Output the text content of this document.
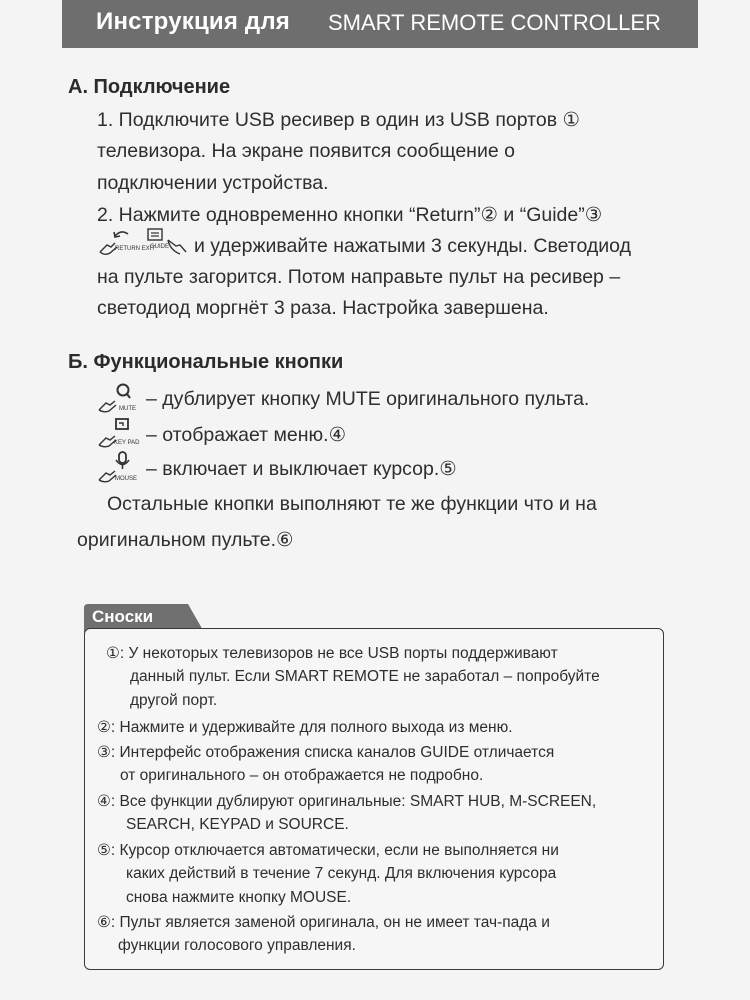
Инструкция для SMART REMOTE CONTROLLER
А. Подключение
1. Подключите USB ресивер в один из USB портов ①
телевизора. На экране появится сообщение о
подключении устройства.
2. Нажмите одновременно кнопки “Return”② и “Guide”③
RETURN EXIT
GUIDE и удерживайте нажатыми 3 секунды. Светодиод
на пульте загорится. Потом направьте пульт на ресивер –
светодиод моргнёт 3 раза. Настройка завершена.
Б. Функциональные кнопки
MUTE – дублирует кнопку MUTE оригинального пульта.
KEY PAD – отображает меню.④
MOUSE – включает и выключает курсор.⑤
Остальные кнопки выполняют те же функции что и на
оригинальном пульте.⑥
Сноски
①: У некоторых телевизоров не все USB порты поддерживают
данный пульт. Если SMART REMOTE не заработал – попробуйте
другой порт.
②: Нажмите и удерживайте для полного выхода из меню.
③: Интерфейс отображения списка каналов GUIDE отличается
от оригинального – он отображается не подробно.
④: Все функции дублируют оригинальные: SMART HUB, M-SCREEN,
SEARCH, KEYPAD и SOURCE.
⑤: Курсор отключается автоматически, если не выполняется ни
каких действий в течение 7 секунд. Для включения курсора
снова нажмите кнопку MOUSE.
⑥: Пульт является заменой оригинала, он не имеет тач-пада и
функции голосового управления.
